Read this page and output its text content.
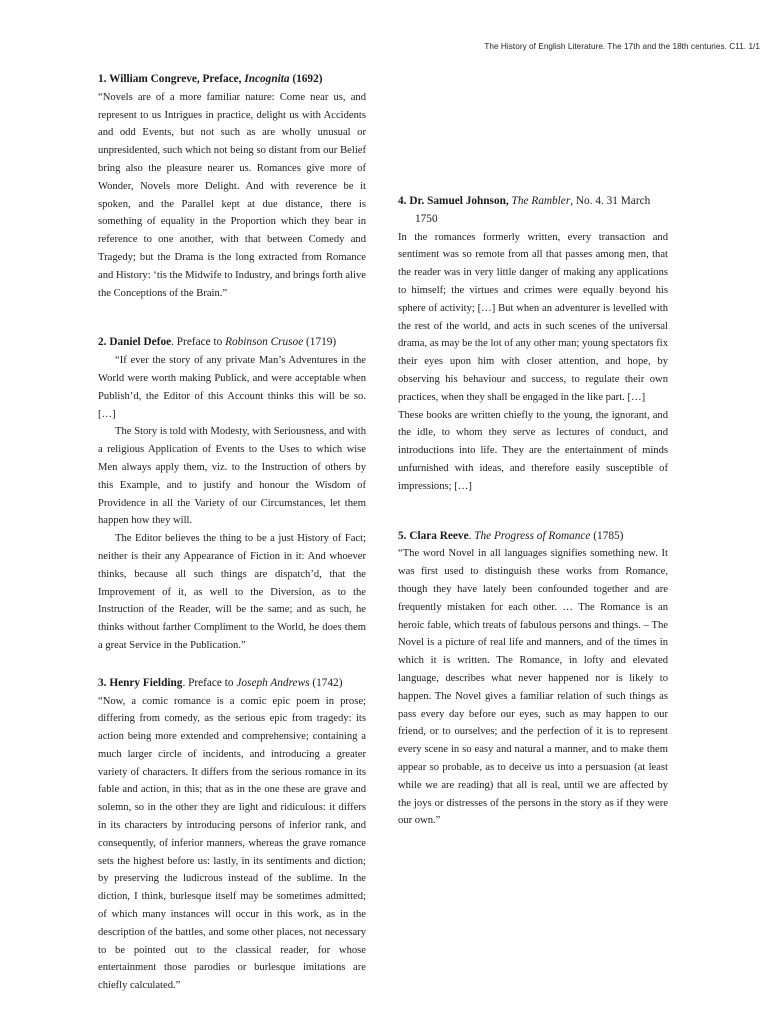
The History of English Literature. The 17th and the 18th centuries. C11. 1/1
1. William Congreve, Preface, Incognita (1692)

“Novels are of a more familiar nature: Come near us, and represent to us Intrigues in practice, delight us with Accidents and odd Events, but not such as are wholly unusual or unpresidented, such which not being so distant from our Belief bring also the pleasure nearer us. Romances give more of Wonder, Novels more Delight. And with reverence be it spoken, and the Parallel kept at due distance, there is something of equality in the Proportion which they bear in reference to one another, with that between Comedy and Tragedy; but the Drama is the long extracted from Romance and History: ‘tis the Midwife to Industry, and brings forth alive the Conceptions of the Brain.”

2. Daniel Defoe. Preface to Robinson Crusoe (1719)

“If ever the story of any private Man’s Adventures in the World were worth making Publick, and were acceptable when Publish’d, the Editor of this Account thinks this will be so. […]

The Story is told with Modesty, with Seriousness, and with a religious Application of Events to the Uses to which wise Men always apply them, viz. to the Instruction of others by this Example, and to justify and honour the Wisdom of Providence in all the Variety of our Circumstances, let them happen how they will.

The Editor believes the thing to be a just History of Fact; neither is their any Appearance of Fiction in it: And whoever thinks, because all such things are dispatch’d, that the Improvement of it, as well to the Diversion, as to the Instruction of the Reader, will be the same; and as such, he thinks without farther Compliment to the World, he does them a great Service in the Publication.”

3. Henry Fielding. Preface to Joseph Andrews (1742)

“Now, a comic romance is a comic epic poem in prose; differing from comedy, as the serious epic from tragedy: its action being more extended and comprehensive; containing a much larger circle of incidents, and introducing a greater variety of characters. It differs from the serious romance in its fable and action, in this; that as in the one these are grave and solemn, so in the other they are light and ridiculous: it differs in its characters by introducing persons of inferior rank, and consequently, of inferior manners, whereas the grave romance sets the highest before us: lastly, in its sentiments and diction; by preserving the ludicrous instead of the sublime. In the diction, I think, burlesque itself may be sometimes admitted; of which many instances will occur in this work, as in the description of the battles, and some other places, not necessary to be pointed out to the classical reader, for whose entertainment those parodies or burlesque imitations are chiefly calculated.”

4. Dr. Samuel Johnson, The Rambler, No. 4. 31 March
1750

In the romances formerly written, every transaction and sentiment was so remote from all that passes among men, that the reader was in very little danger of making any applications to himself; the virtues and crimes were equally beyond his sphere of activity; […] But when an adventurer is levelled with the rest of the world, and acts in such scenes of the universal drama, as may be the lot of any other man; young spectators fix their eyes upon him with closer attention, and hope, by observing his behaviour and success, to regulate their own practices, when they shall be engaged in the like part. […]

These books are written chiefly to the young, the ignorant, and the idle, to whom they serve as lectures of conduct, and introductions into life. They are the entertainment of minds unfurnished with ideas, and therefore easily susceptible of impressions; […]

5. Clara Reeve. The Progress of Romance (1785)

“The word Novel in all languages signifies something new. It was first used to distinguish these works from Romance, though they have lately been confounded together and are frequently mistaken for each other. … The Romance is an heroic fable, which treats of fabulous persons and things. – The Novel is a picture of real life and manners, and of the times in which it is written. The Romance, in lofty and elevated language, describes what never happened nor is likely to happen. The Novel gives a familiar relation of such things as pass every day before our eyes, such as may happen to our friend, or to ourselves; and the perfection of it is to represent every scene in so easy and natural a manner, and to make them appear so probable, as to deceive us into a persuasion (at least while we are reading) that all is real, until we are affected by the joys or distresses of the persons in the story as if they were our own.”
